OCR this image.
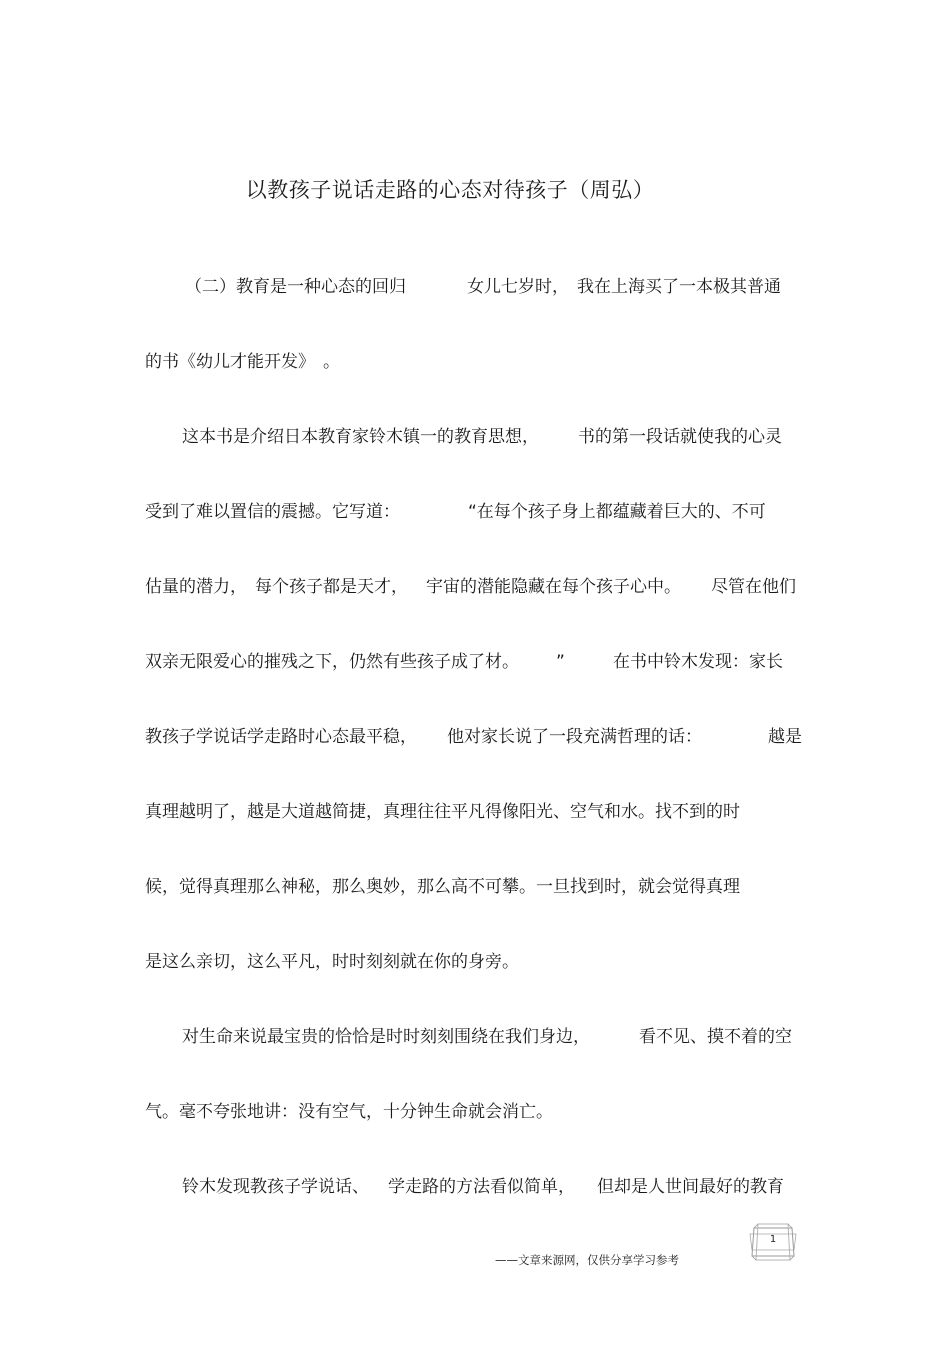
以教孩子说话走路的心态对待孩子（周弘）
（二）教育是一种心态的回归	女儿七岁时， 我在上海买了一本极其普通
的书《幼儿才能开发》 。
这本书是介绍日本教育家铃木镇一的教育思想， 书的第一段话就使我的心灵
受到了难以置信的震撼。它写道：	“在每个孩子身上都蕴藏着巨大的、不可
估量的潜力， 每个孩子都是天才， 宇宙的潜能隐藏在每个孩子心中。 尽管在他们
双亲无限爱心的摧残之下，仍然有些孩子成了材。 ”	在书中铃木发现：家长
教孩子学说话学走路时心态最平稳， 他对家长说了一段充满哲理的话：	越是
真理越明了，越是大道越简捷，真理往往平凡得像阳光、空气和水。找不到的时
候，觉得真理那么神秘，那么奥妙，那么高不可攀。一旦找到时，就会觉得真理
是这么亲切，这么平凡，时时刻刻就在你的身旁。
对生命来说最宝贵的恰恰是时时刻刻围绕在我们身边，	看不见、摸不着的空
气。毫不夸张地讲：没有空气，十分钟生命就会消亡。
铃木发现教孩子学说话、 学走路的方法看似简单， 但却是人世间最好的教育
1
——文章来源网，仅供分享学习参考
